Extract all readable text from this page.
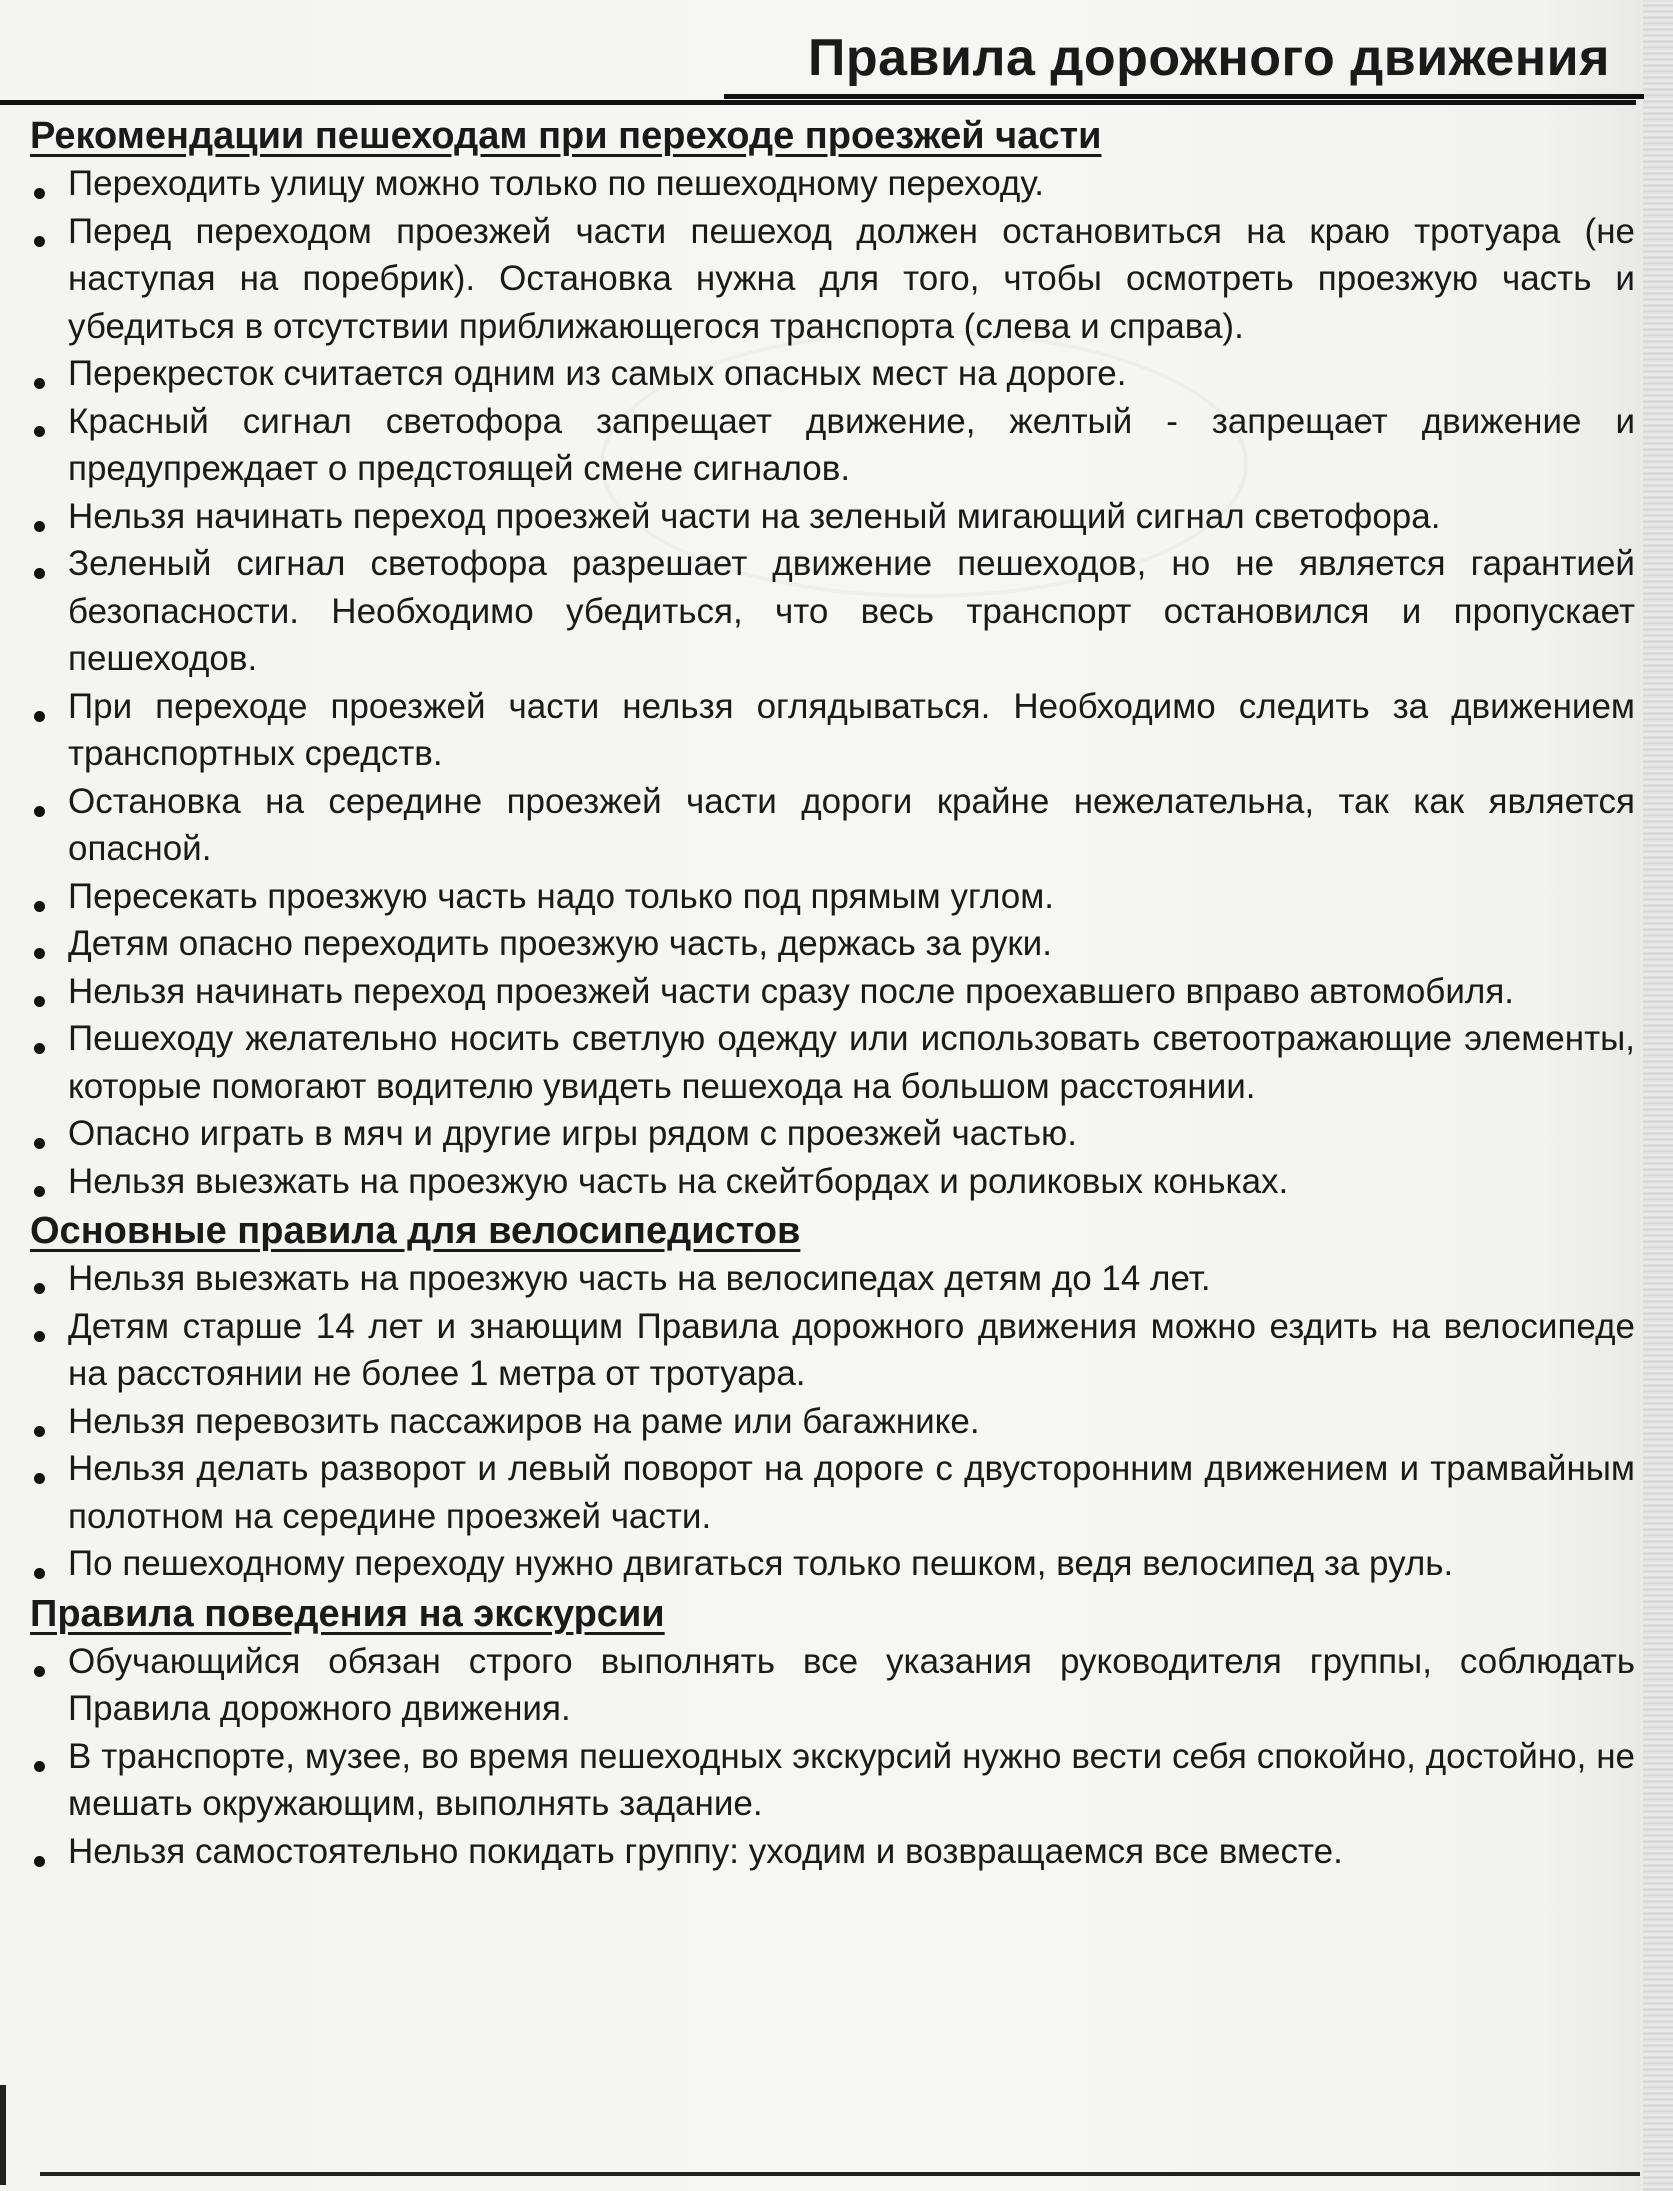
Правила дорожного движения
Рекомендации пешеходам при переходе проезжей части
Переходить улицу можно только по пешеходному переходу.
Перед переходом проезжей части пешеход должен остановиться на краю тротуара (не наступая на поребрик). Остановка нужна для того, чтобы осмотреть проезжую часть и убедиться в отсутствии приближающегося транспорта (слева и справа).
Перекресток считается одним из самых опасных мест на дороге.
Красный сигнал светофора запрещает движение, желтый - запрещает движение и предупреждает о предстоящей смене сигналов.
Нельзя начинать переход проезжей части на зеленый мигающий сигнал светофора.
Зеленый сигнал светофора разрешает движение пешеходов, но не является гарантией безопасности. Необходимо убедиться, что весь транспорт остановился и пропускает пешеходов.
При переходе проезжей части нельзя оглядываться. Необходимо следить за движением транспортных средств.
Остановка на середине проезжей части дороги крайне нежелательна, так как является опасной.
Пересекать проезжую часть надо только под прямым углом.
Детям опасно переходить проезжую часть, держась за руки.
Нельзя начинать переход проезжей части сразу после проехавшего вправо автомобиля.
Пешеходу желательно носить светлую одежду или использовать светоотражающие элементы, которые помогают водителю увидеть пешехода на большом расстоянии.
Опасно играть в мяч и другие игры рядом с проезжей частью.
Нельзя выезжать на проезжую часть на скейтбордах и роликовых коньках.
Основные правила для велосипедистов
Нельзя выезжать на проезжую часть на велосипедах детям до 14 лет.
Детям старше 14 лет и знающим Правила дорожного движения можно ездить на велосипеде на расстоянии не более 1 метра от тротуара.
Нельзя перевозить пассажиров на раме или багажнике.
Нельзя делать разворот и левый поворот на дороге с двусторонним движением и трамвайным полотном на середине проезжей части.
По пешеходному переходу нужно двигаться только пешком, ведя велосипед за руль.
Правила поведения на экскурсии
Обучающийся обязан строго выполнять все указания руководителя группы, соблюдать Правила дорожного движения.
В транспорте, музее, во время пешеходных экскурсий нужно вести себя спокойно, достойно, не мешать окружающим, выполнять задание.
Нельзя самостоятельно покидать группу: уходим и возвращаемся все вместе.
